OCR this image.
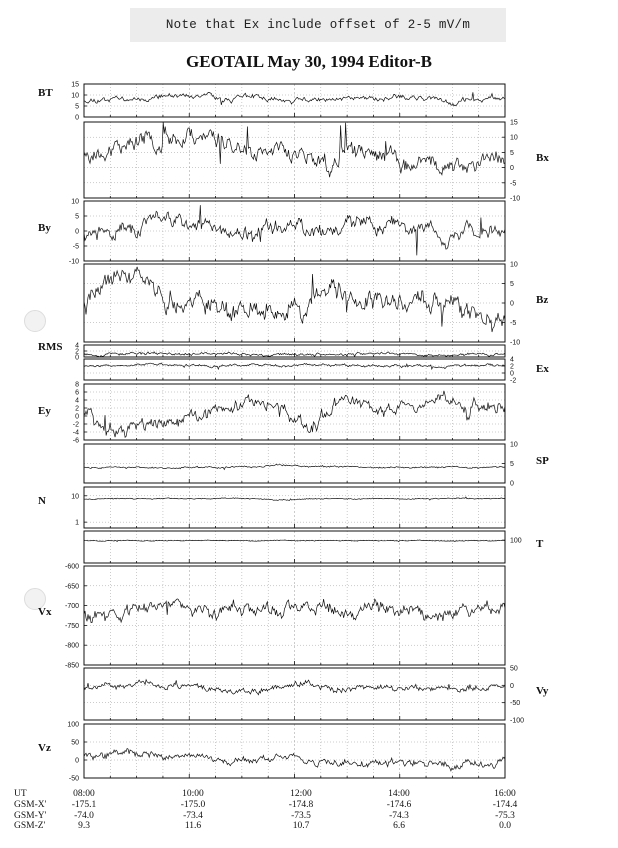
Note that Ex include offset of 2-5 mV/m
GEOTAIL May 30, 1994 Editor-B
0
5
10
15
BT
-10
-5
0
5
10
15
Bx
-10
-5
0
5
10
By
-10
-5
0
5
10
Bz
0
2
4
RMS
-2
0
2
4
Ex
-6
-4
-2
0
2
4
6
8
Ey
0
5
10
SP
1
10
N
100 T
-850
-800
-750
-700
-650
-600
Vx
-100
-50
0
50
Vy
-50
0
50
100
Vz
UT	08:00	10:00	12:00	14:00	16:00
GSM-X'	-175.1	-175.0	-174.8	-174.6	-174.4
GSM-Y'	-74.0	-73.4	-73.5	-74.3	-75.3
GSM-Z'	9.3	11.6	10.7	6.6	0.0
